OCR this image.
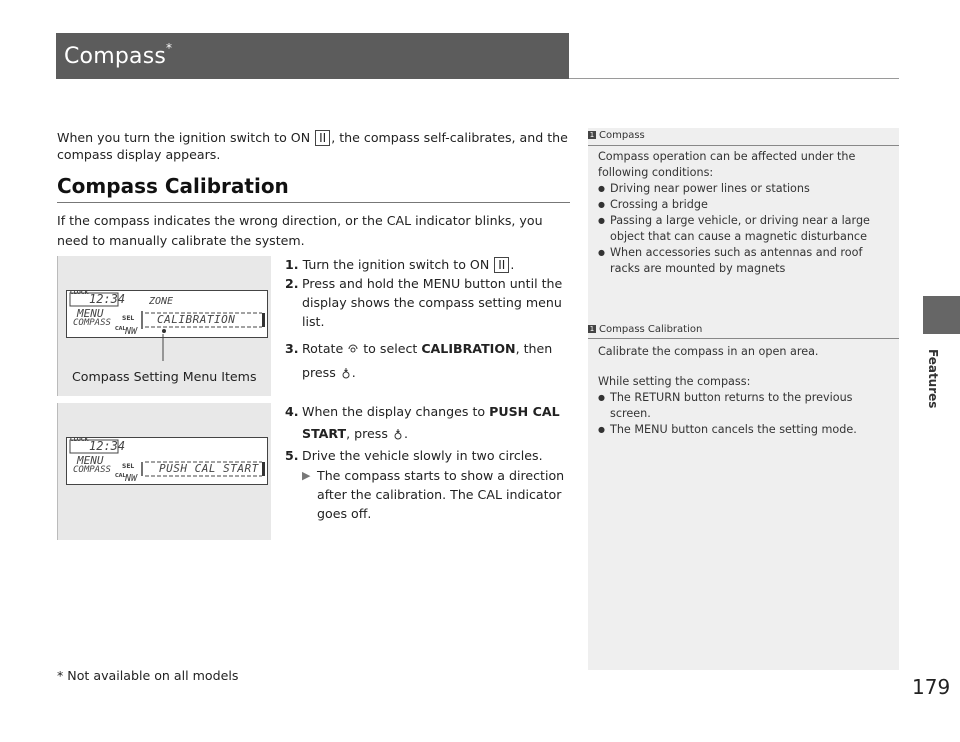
Compass*
When you turn the ignition switch to ON II , the compass self-calibrates, and the compass display appears.
Compass Calibration
If the compass indicates the wrong direction, or the CAL indicator blinks, you need to manually calibrate the system.
CLOCK 12:34
MENU
COMPASS SEL
CAL NW
ZONE
CALIBRATION
Compass Setting Menu Items
CLOCK 12:34
MENU
COMPASS SEL
CAL NW
PUSH CAL START
1. Turn the ignition switch to ON II .
2. Press and hold the MENU button until the display shows the compass setting menu list.
3. Rotate  to select CALIBRATION, then press .
4. When the display changes to PUSH CAL START, press .
5. Drive the vehicle slowly in two circles.
▶ The compass starts to show a direction after the calibration. The CAL indicator goes off.
1 Compass
Compass operation can be affected under the following conditions:
● Driving near power lines or stations
● Crossing a bridge
● Passing a large vehicle, or driving near a large object that can cause a magnetic disturbance
● When accessories such as antennas and roof racks are mounted by magnets
1 Compass Calibration
Calibrate the compass in an open area.
While setting the compass:
● The RETURN button returns to the previous screen.
● The MENU button cancels the setting mode.
Features
* Not available on all models	179
